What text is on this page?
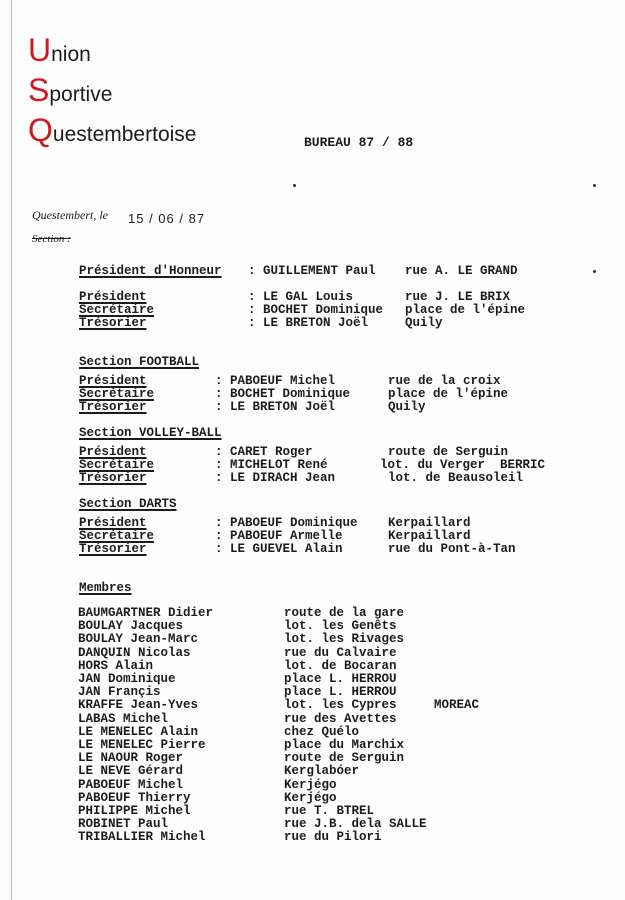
Union
Sportive
Questembertoise	BUREAU 87 / 88
Questembert, le 15 / 06 / 87
Section :
Président d'Honneur : GUILLEMENT Paul rue A. LE GRAND
Président	: LE GAL Louis	rue J. LE BRIX
Secrétaire	: BOCHET Dominique place de l'épine
Trésorier	: LE BRETON Joël	Quily
Section FOOTBALL
Président	: PABOEUF Michel	rue de la croix
Secrétaire	: BOCHET Dominique	place de l'épine
Trésorier	: LE BRETON Joël	Quily
Section VOLLEY-BALL
Président	: CARET Roger	route de Serguin
Secrétaire	: MICHELOT René	lot. du Verger  BERRIC
Trésorier	: LE DIRACH Jean	lot. de Beausoleil
Section DARTS
Président	: PABOEUF Dominique Kerpaillard
Secrétaire	: PABOEUF Armelle	Kerpaillard
Trésorier	: LE GUEVEL Alain	rue du Pont-à-Tan
Membres
BAUMGARTNER Didier	route de la gare
BOULAY Jacques	lot. les Genêts
BOULAY Jean-Marc	lot. les Rivages
DANQUIN Nicolas	rue du Calvaire
HORS Alain	lot. de Bocaran
JAN Dominique	place L. HERROU
JAN Françis	place L. HERROU
KRAFFE Jean-Yves	lot. les Cypres     MOREAC
LABAS Michel	rue des Avettes
LE MENELEC Alain	chez Quélo
LE MENELEC Pierre	place du Marchix
LE NAOUR Roger	route de Serguin
LE NEVE Gérard	Kerglabóer
PABOEUF Michel	Kerjégo
PABOEUF Thierry	Kerjégo
PHILIPPE Michel	rue T. BTREL
ROBINET Paul	rue J.B. dela SALLE
TRIBALLIER Michel	rue du Pilori
